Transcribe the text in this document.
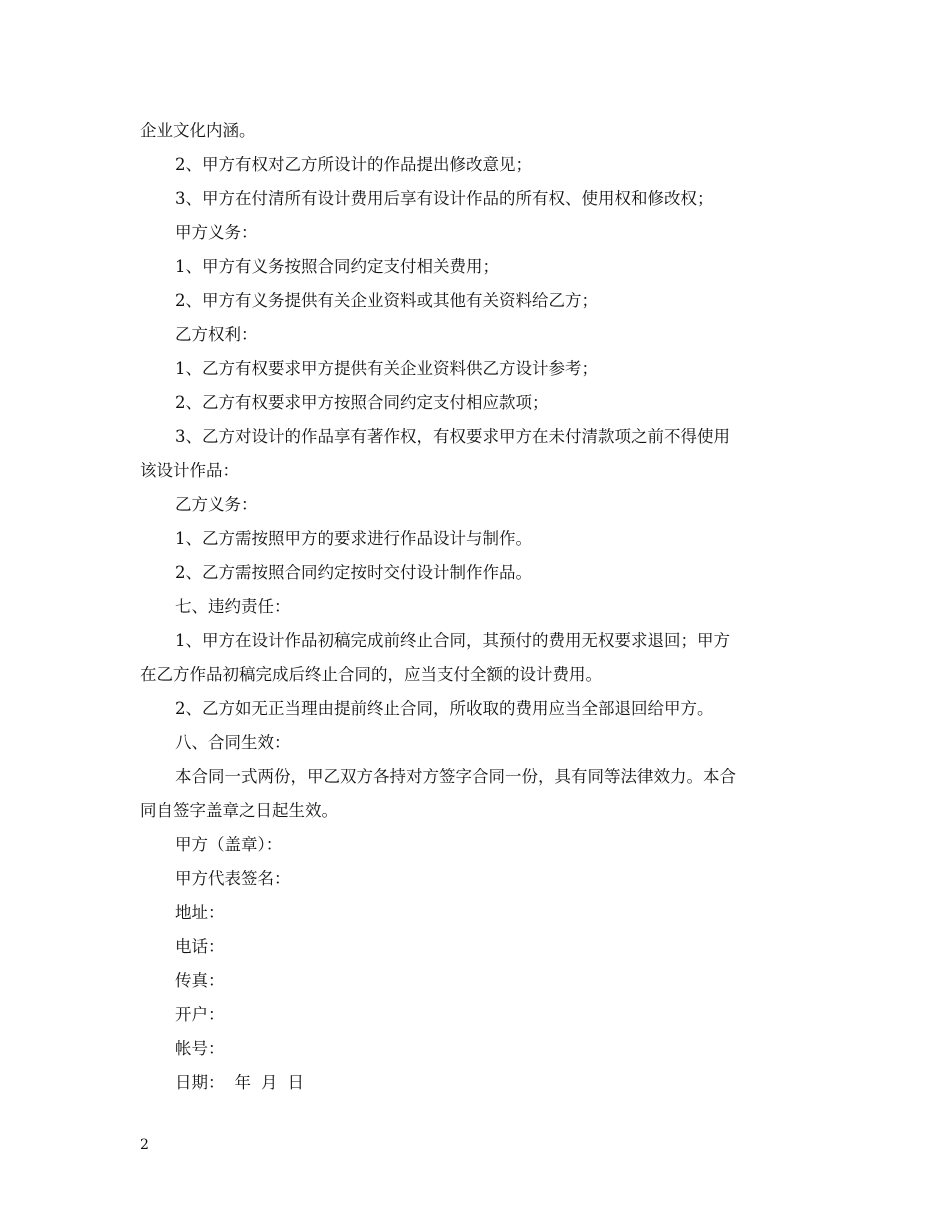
企业文化内涵。
2、甲方有权对乙方所设计的作品提出修改意见；
3、甲方在付清所有设计费用后享有设计作品的所有权、使用权和修改权；
甲方义务：
1、甲方有义务按照合同约定支付相关费用；
2、甲方有义务提供有关企业资料或其他有关资料给乙方；
乙方权利：
1、乙方有权要求甲方提供有关企业资料供乙方设计参考；
2、乙方有权要求甲方按照合同约定支付相应款项；
3、乙方对设计的作品享有著作权，有权要求甲方在未付清款项之前不得使用
该设计作品：
乙方义务：
1、乙方需按照甲方的要求进行作品设计与制作。
2、乙方需按照合同约定按时交付设计制作作品。
七、违约责任：
1、甲方在设计作品初稿完成前终止合同，其预付的费用无权要求退回；甲方
在乙方作品初稿完成后终止合同的，应当支付全额的设计费用。
2、乙方如无正当理由提前终止合同，所收取的费用应当全部退回给甲方。
八、合同生效：
本合同一式两份，甲乙双方各持对方签字合同一份，具有同等法律效力。本合
同自签字盖章之日起生效。
甲方（盖章）：
甲方代表签名：
地址：
电话：
传真：
开户：
帐号：
日期： 年 月 日
2
